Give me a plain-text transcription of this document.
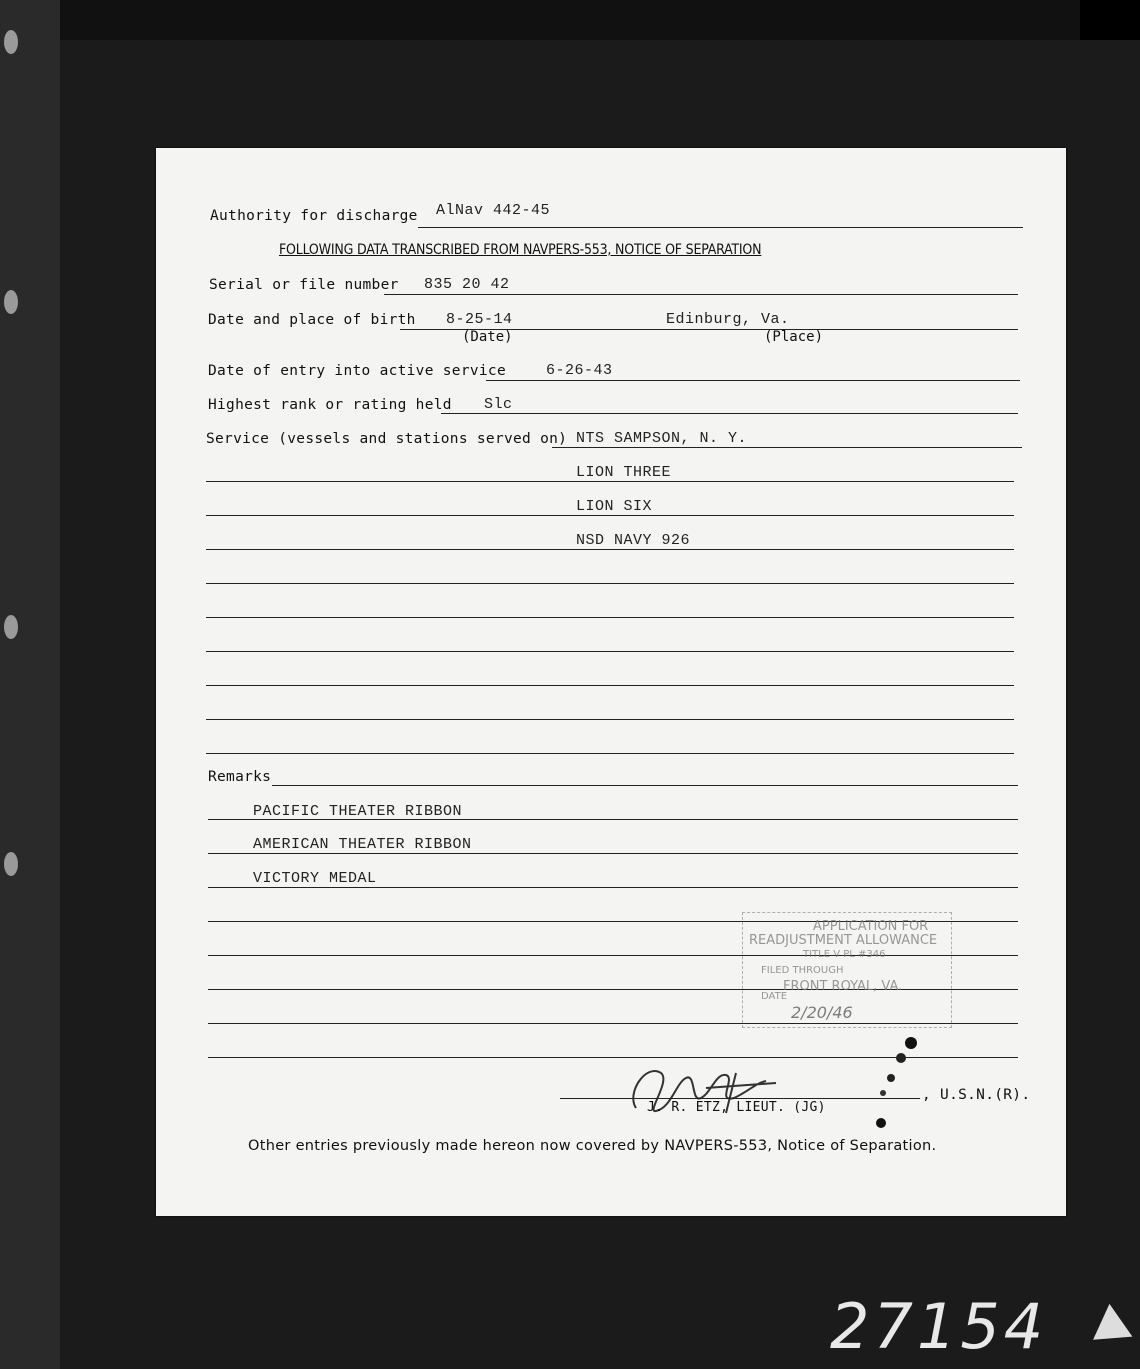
Authority for discharge AlNav 442-45
FOLLOWING DATA TRANSCRIBED FROM NAVPERS-553, NOTICE OF SEPARATION
Serial or file number 835 20 42
Date and place of birth 8-25-14	Edinburg, Va.
(Date)	(Place)
Date of entry into active service	6-26-43
Highest rank or rating held Slc
Service (vessels and stations served on) NTS SAMPSON, N. Y.
LION THREE
LION SIX
NSD NAVY 926
Remarks
PACIFIC THEATER RIBBON
AMERICAN THEATER RIBBON
VICTORY MEDAL
J. R. ETZ, LIEUT. (JG)
, U.S.N.(R).
Other entries previously made hereon now covered by NAVPERS-553, Notice of Separation.
APPLICATION FOR
READJUSTMENT ALLOWANCE
TITLE V PL #346
FILED THROUGH
FRONT ROYAL, VA.
DATE
2/20/46
27154
